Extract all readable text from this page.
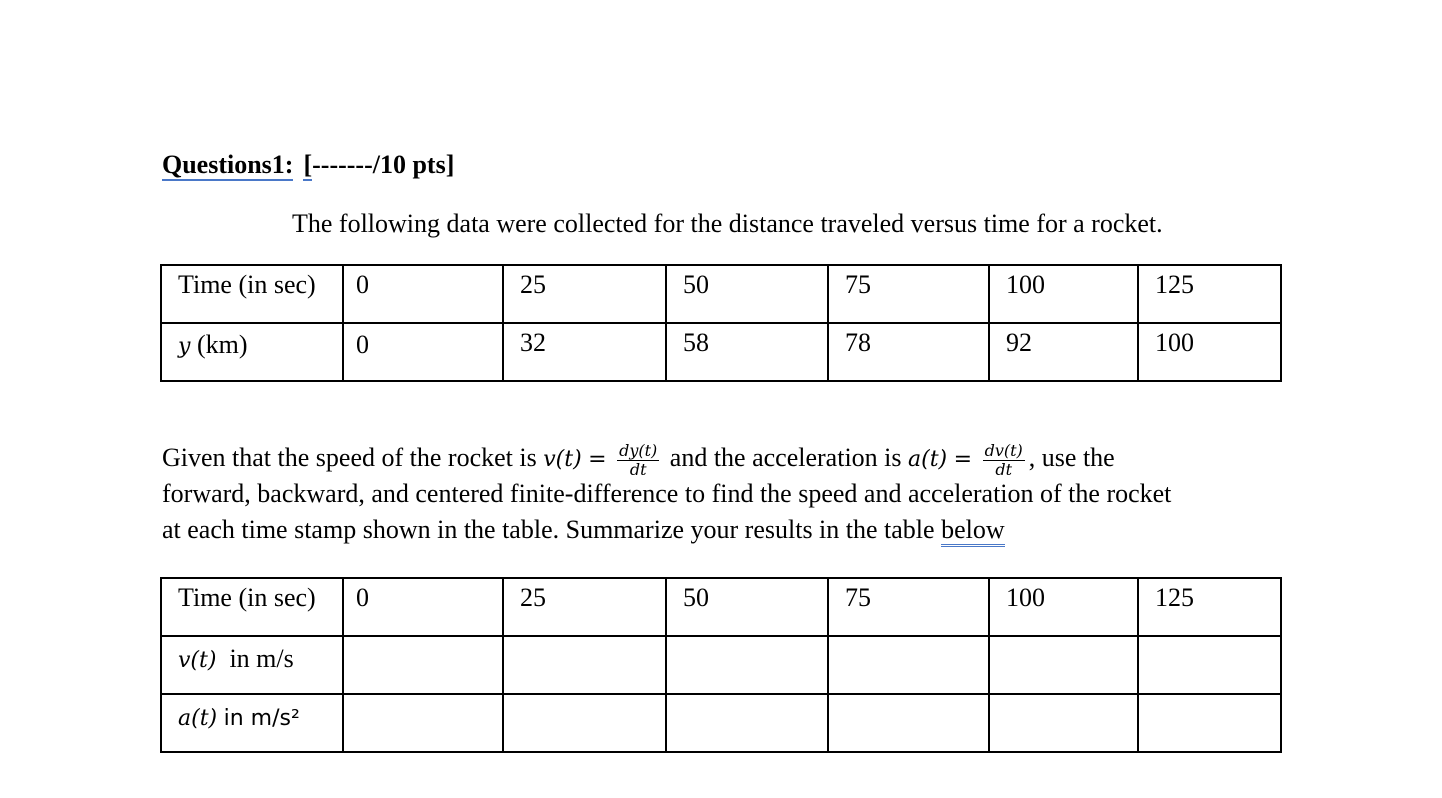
Questions1: [-------/10 pts]
The following data were collected for the distance traveled versus time for a rocket.
Time (in sec)	0	25	50	75	100	125
y (km)	0	32	58	78	92	100
Given that the speed of the rocket is $v(t) = \frac{dy(t)}{dt}$ and the acceleration is $a(t) = \frac{dv(t)}{dt}$ , use the
forward, backward, and centered finite-difference to find the speed and acceleration of the rocket
at each time stamp shown in the table. Summarize your results in the table below
Time (in sec)	0	25	50	75	100	125
v(t) in m/s						
a(t) in m/s²						
